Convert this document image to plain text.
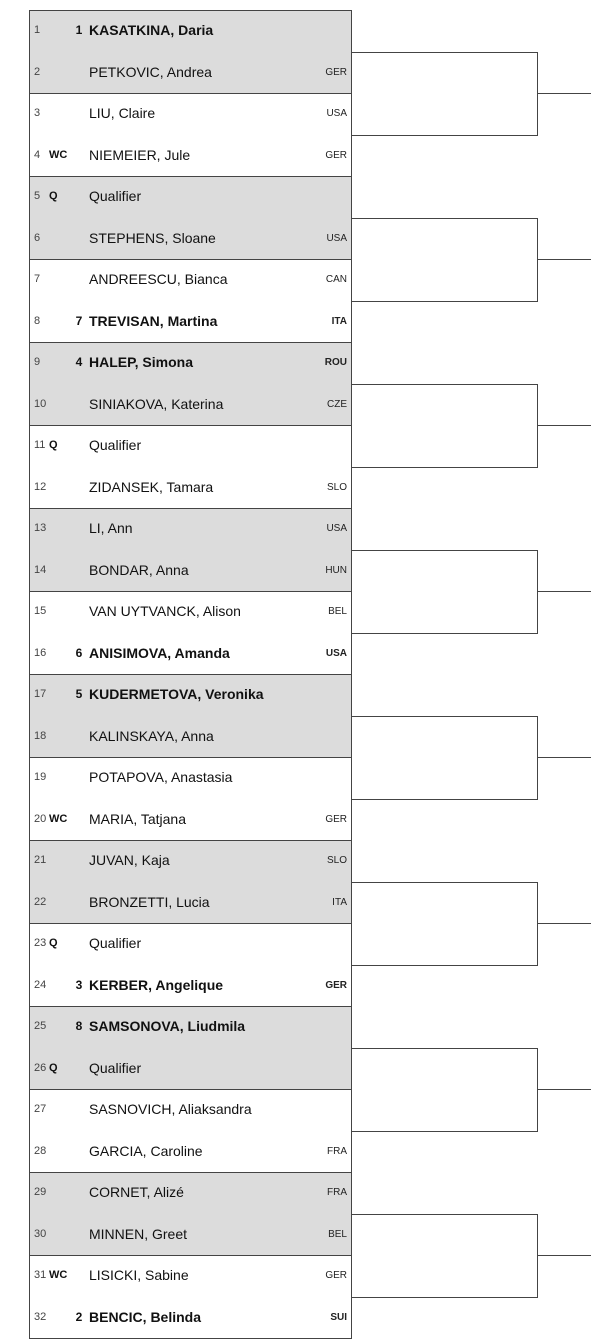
1	1 KASATKINA, Daria
2	PETKOVIC, Andrea	GER
3	LIU, Claire	USA
4 WC NIEMEIER, Jule	GER
5 Q	Qualifier
6	STEPHENS, Sloane	USA
7	ANDREESCU, Bianca	CAN
8	7 TREVISAN, Martina	ITA
9	4 HALEP, Simona	ROU
10	SINIAKOVA, Katerina	CZE
11 Q	Qualifier
12	ZIDANSEK, Tamara	SLO
13	LI, Ann	USA
14	BONDAR, Anna	HUN
15	VAN UYTVANCK, Alison	BEL
16	6 ANISIMOVA, Amanda	USA
17	5 KUDERMETOVA, Veronika
18	KALINSKAYA, Anna
19	POTAPOVA, Anastasia
20 WC MARIA, Tatjana	GER
21	JUVAN, Kaja	SLO
22	BRONZETTI, Lucia	ITA
23 Q	Qualifier
24	3 KERBER, Angelique	GER
25	8 SAMSONOVA, Liudmila
26 Q	Qualifier
27	SASNOVICH, Aliaksandra
28	GARCIA, Caroline	FRA
29	CORNET, Alizé	FRA
30	MINNEN, Greet	BEL
31 WC LISICKI, Sabine	GER
32	2 BENCIC, Belinda	SUI
